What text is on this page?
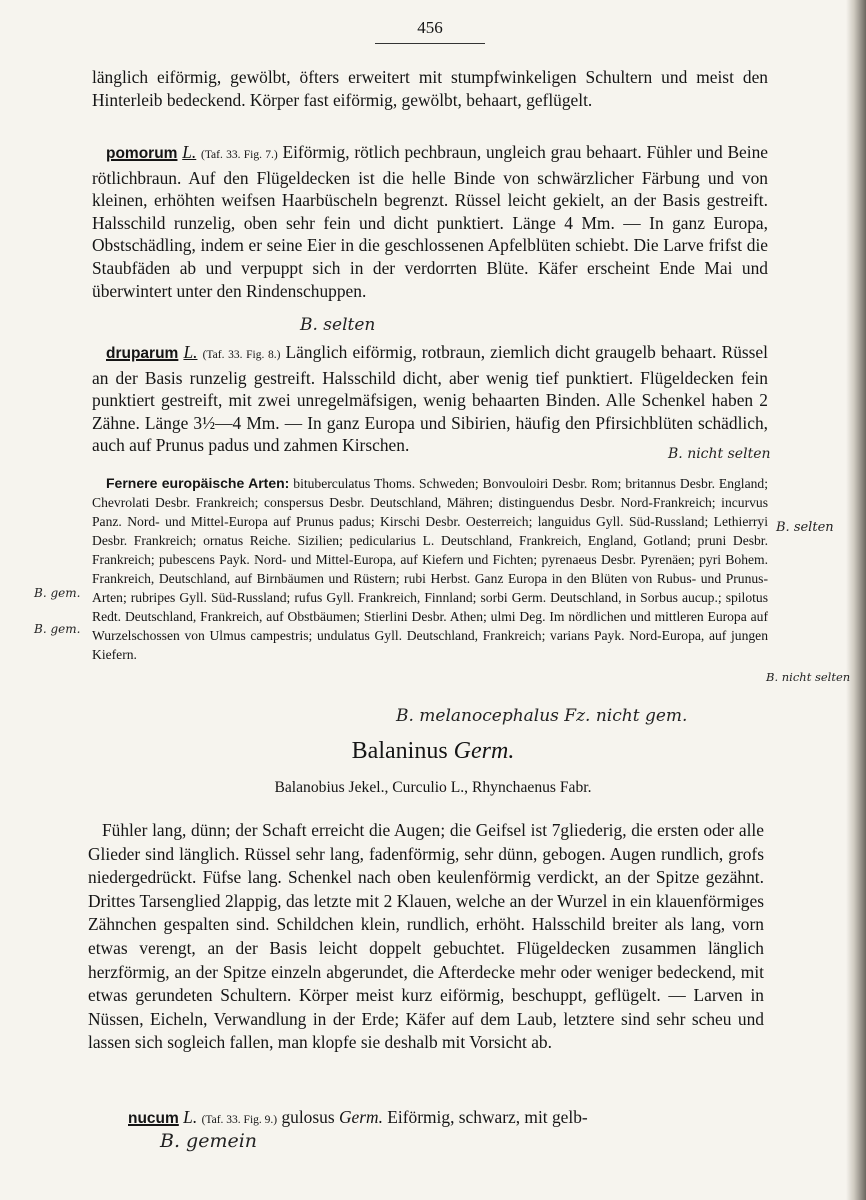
456
länglich eiförmig, gewölbt, öfters erweitert mit stumpfwinkeligen Schultern und meist den Hinterleib bedeckend. Körper fast eiförmig, gewölbt, behaart, geflügelt.
pomorum L. (Taf. 33. Fig. 7.) Eiförmig, rötlich pechbraun, ungleich grau behaart. Fühler und Beine rötlichbraun. Auf den Flügeldecken ist die helle Binde von schwärzlicher Färbung und von kleinen, erhöhten weifsen Haarbüscheln begrenzt. Rüssel leicht gekielt, an der Basis gestreift. Halsschild runzelig, oben sehr fein und dicht punktiert. Länge 4 Mm. — In ganz Europa, Obstschädling, indem er seine Eier in die geschlossenen Apfelblüten schiebt. Die Larve frifst die Staubfäden ab und verpuppt sich in der verdorrten Blüte. Käfer erscheint Ende Mai und überwintert unter den Rindenschuppen.
druparum L. (Taf. 33. Fig. 8.) Länglich eiförmig, rotbraun, ziemlich dicht graugelb behaart. Rüssel an der Basis runzelig gestreift. Halsschild dicht, aber wenig tief punktiert. Flügeldecken fein punktiert gestreift, mit zwei unregelmäfsigen, wenig behaarten Binden. Alle Schenkel haben 2 Zähne. Länge 3½—4 Mm. — In ganz Europa und Sibirien, häufig den Pfirsichblüten schädlich, auch auf Prunus padus und zahmen Kirschen.
Fernere europäische Arten: bituberculatus Thoms. Schweden; Bonvouloiri Desbr. Rom; britannus Desbr. England; Chevrolati Desbr. Frankreich; conspersus Desbr. Deutschland, Mähren; distinguendus Desbr. Nord-Frankreich; incurvus Panz. Nord- und Mittel-Europa auf Prunus padus; Kirschi Desbr. Oesterreich; languidus Gyll. Süd-Russland; Lethierryi Desbr. Frankreich; ornatus Reiche. Sizilien; pedicularius L. Deutschland, Frankreich, England, Gotland; pruni Desbr. Frankreich; pubescens Payk. Nord- und Mittel-Europa, auf Kiefern und Fichten; pyrenaeus Desbr. Pyrenäen; pyri Bohem. Frankreich, Deutschland, auf Birnbäumen und Rüstern; rubi Herbst. Ganz Europa in den Blüten von Rubus- und Prunus-Arten; rubripes Gyll. Süd-Russland; rufus Gyll. Frankreich, Finnland; sorbi Germ. Deutschland, in Sorbus aucup.; spilotus Redt. Deutschland, Frankreich, auf Obstbäumen; Stierlini Desbr. Athen; ulmi Deg. Im nördlichen und mittleren Europa auf Wurzelschossen von Ulmus campestris; undulatus Gyll. Deutschland, Frankreich; varians Payk. Nord-Europa, auf jungen Kiefern.
Balaninus Germ.
Balanobius Jekel., Curculio L., Rhynchaenus Fabr.
Fühler lang, dünn; der Schaft erreicht die Augen; die Geifsel ist 7gliederig, die ersten oder alle Glieder sind länglich. Rüssel sehr lang, fadenförmig, sehr dünn, gebogen. Augen rundlich, grofs niedergedrückt. Füfse lang. Schenkel nach oben keulenförmig verdickt, an der Spitze gezähnt. Drittes Tarsenglied 2lappig, das letzte mit 2 Klauen, welche an der Wurzel in ein klauenförmiges Zähnchen gespalten sind. Schildchen klein, rundlich, erhöht. Halsschild breiter als lang, vorn etwas verengt, an der Basis leicht doppelt gebuchtet. Flügeldecken zusammen länglich herzförmig, an der Spitze einzeln abgerundet, die Afterdecke mehr oder weniger bedeckend, mit etwas gerundeten Schultern. Körper meist kurz eiförmig, beschuppt, geflügelt. — Larven in Nüssen, Eicheln, Verwandlung in der Erde; Käfer auf dem Laub, letztere sind sehr scheu und lassen sich sogleich fallen, man klopfe sie deshalb mit Vorsicht ab.
nucum L. (Taf. 33. Fig. 9.) gulosus Germ. Eiförmig, schwarz, mit gelb-
B. selten
B. nicht selten
B. selten
B. gem.
B. gem.
B. nicht selten
B. melanocephalus Fz. nicht gem.
B. gemein
